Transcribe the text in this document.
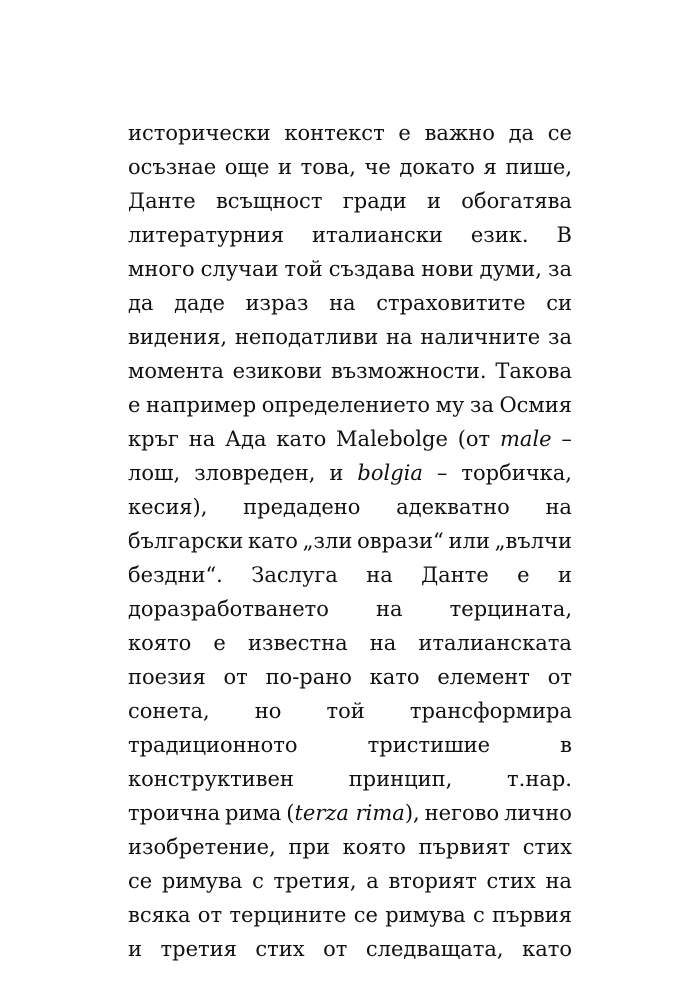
исторически контекст е важно да се
осъзнае още и това, че докато я пише,
Данте всъщност гради и обогатява
литературния италиански език. В
много случаи той създава нови думи, за
да даде израз на страховитите си
видения, неподатливи на наличните за
момента езикови възможности. Такова
е например определението му за Осмия
кръг на Ада като Malebolge (от male –
лош, зловреден, и bolgia – торбичка,
кесия), предадено адекватно на
български като „зли оврази“ или „вълчи
бездни“. Заслуга на Данте е и
доразработването на терцината,
която е известна на италианската
поезия от по-рано като елемент от
сонета, но той трансформира
традиционното	тристишие	в
конструктивен	принцип,	т.нар.
троична рима (terza rima), негово лично
изобретение, при която първият стих
се римува с третия, а вторият стих на
всяка от терцините се римува с първия
и третия стих от следващата, като
